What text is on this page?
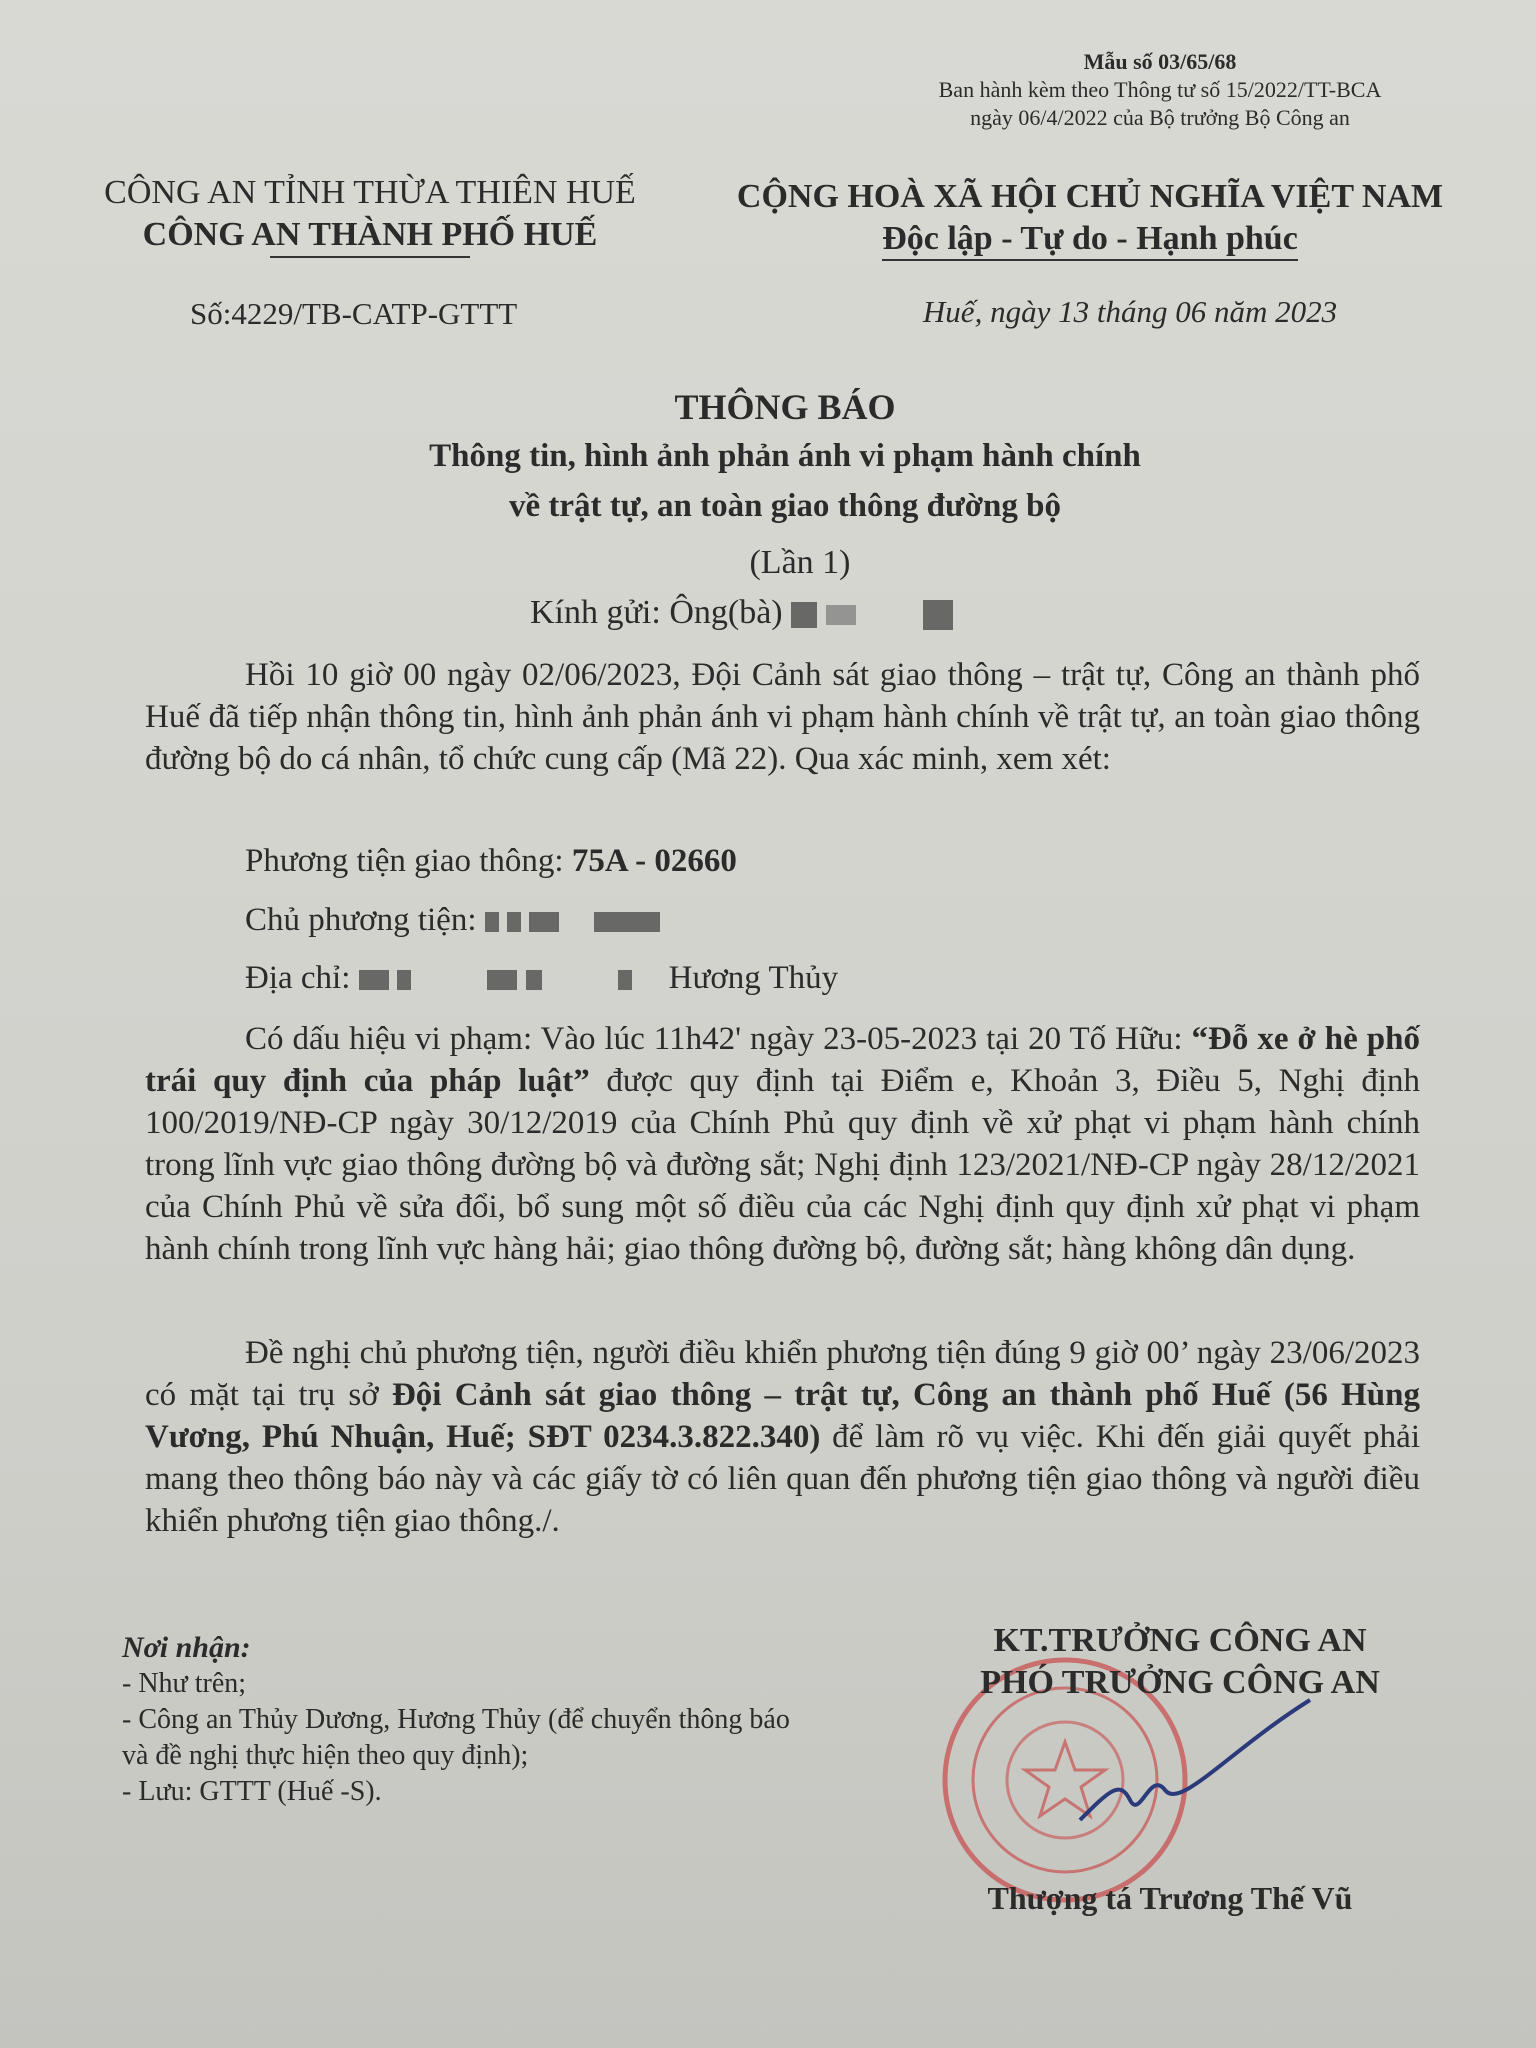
Mẫu số 03/65/68
Ban hành kèm theo Thông tư số 15/2022/TT-BCA
ngày 06/4/2022 của Bộ trưởng Bộ Công an
CÔNG AN TỈNH THỪA THIÊN HUẾ
CÔNG AN THÀNH PHỐ HUẾ
CỘNG HOÀ XÃ HỘI CHỦ NGHĨA VIỆT NAM
Độc lập - Tự do - Hạnh phúc
Số:4229/TB-CATP-GTTT	Huế, ngày 13 tháng 06 năm 2023
THÔNG BÁO
Thông tin, hình ảnh phản ánh vi phạm hành chính
về trật tự, an toàn giao thông đường bộ
(Lần 1)
Kính gửi: Ông(bà)
Hồi 10 giờ 00 ngày 02/06/2023, Đội Cảnh sát giao thông – trật tự, Công an thành phố Huế đã tiếp nhận thông tin, hình ảnh phản ánh vi phạm hành chính về trật tự, an toàn giao thông đường bộ do cá nhân, tổ chức cung cấp (Mã 22). Qua xác minh, xem xét:
Phương tiện giao thông: 75A - 02660
Chủ phương tiện:
Địa chỉ:	Hương Thủy
Có dấu hiệu vi phạm: Vào lúc 11h42' ngày 23-05-2023 tại 20 Tố Hữu: “Đỗ xe ở hè phố trái quy định của pháp luật” được quy định tại Điểm e, Khoản 3, Điều 5, Nghị định 100/2019/NĐ-CP ngày 30/12/2019 của Chính Phủ quy định về xử phạt vi phạm hành chính trong lĩnh vực giao thông đường bộ và đường sắt; Nghị định 123/2021/NĐ-CP ngày 28/12/2021 của Chính Phủ về sửa đổi, bổ sung một số điều của các Nghị định quy định xử phạt vi phạm hành chính trong lĩnh vực hàng hải; giao thông đường bộ, đường sắt; hàng không dân dụng.
Đề nghị chủ phương tiện, người điều khiển phương tiện đúng 9 giờ 00’ ngày 23/06/2023 có mặt tại trụ sở Đội Cảnh sát giao thông – trật tự, Công an thành phố Huế (56 Hùng Vương, Phú Nhuận, Huế; SĐT 0234.3.822.340) để làm rõ vụ việc. Khi đến giải quyết phải mang theo thông báo này và các giấy tờ có liên quan đến phương tiện giao thông và người điều khiển phương tiện giao thông./.
Nơi nhận:
- Như trên;
- Công an Thủy Dương, Hương Thủy (để chuyển thông báo và đề nghị thực hiện theo quy định);
- Lưu: GTTT (Huế -S).
KT.TRƯỞNG CÔNG AN
PHÓ TRƯỞNG CÔNG AN
Thượng tá Trương Thế Vũ
